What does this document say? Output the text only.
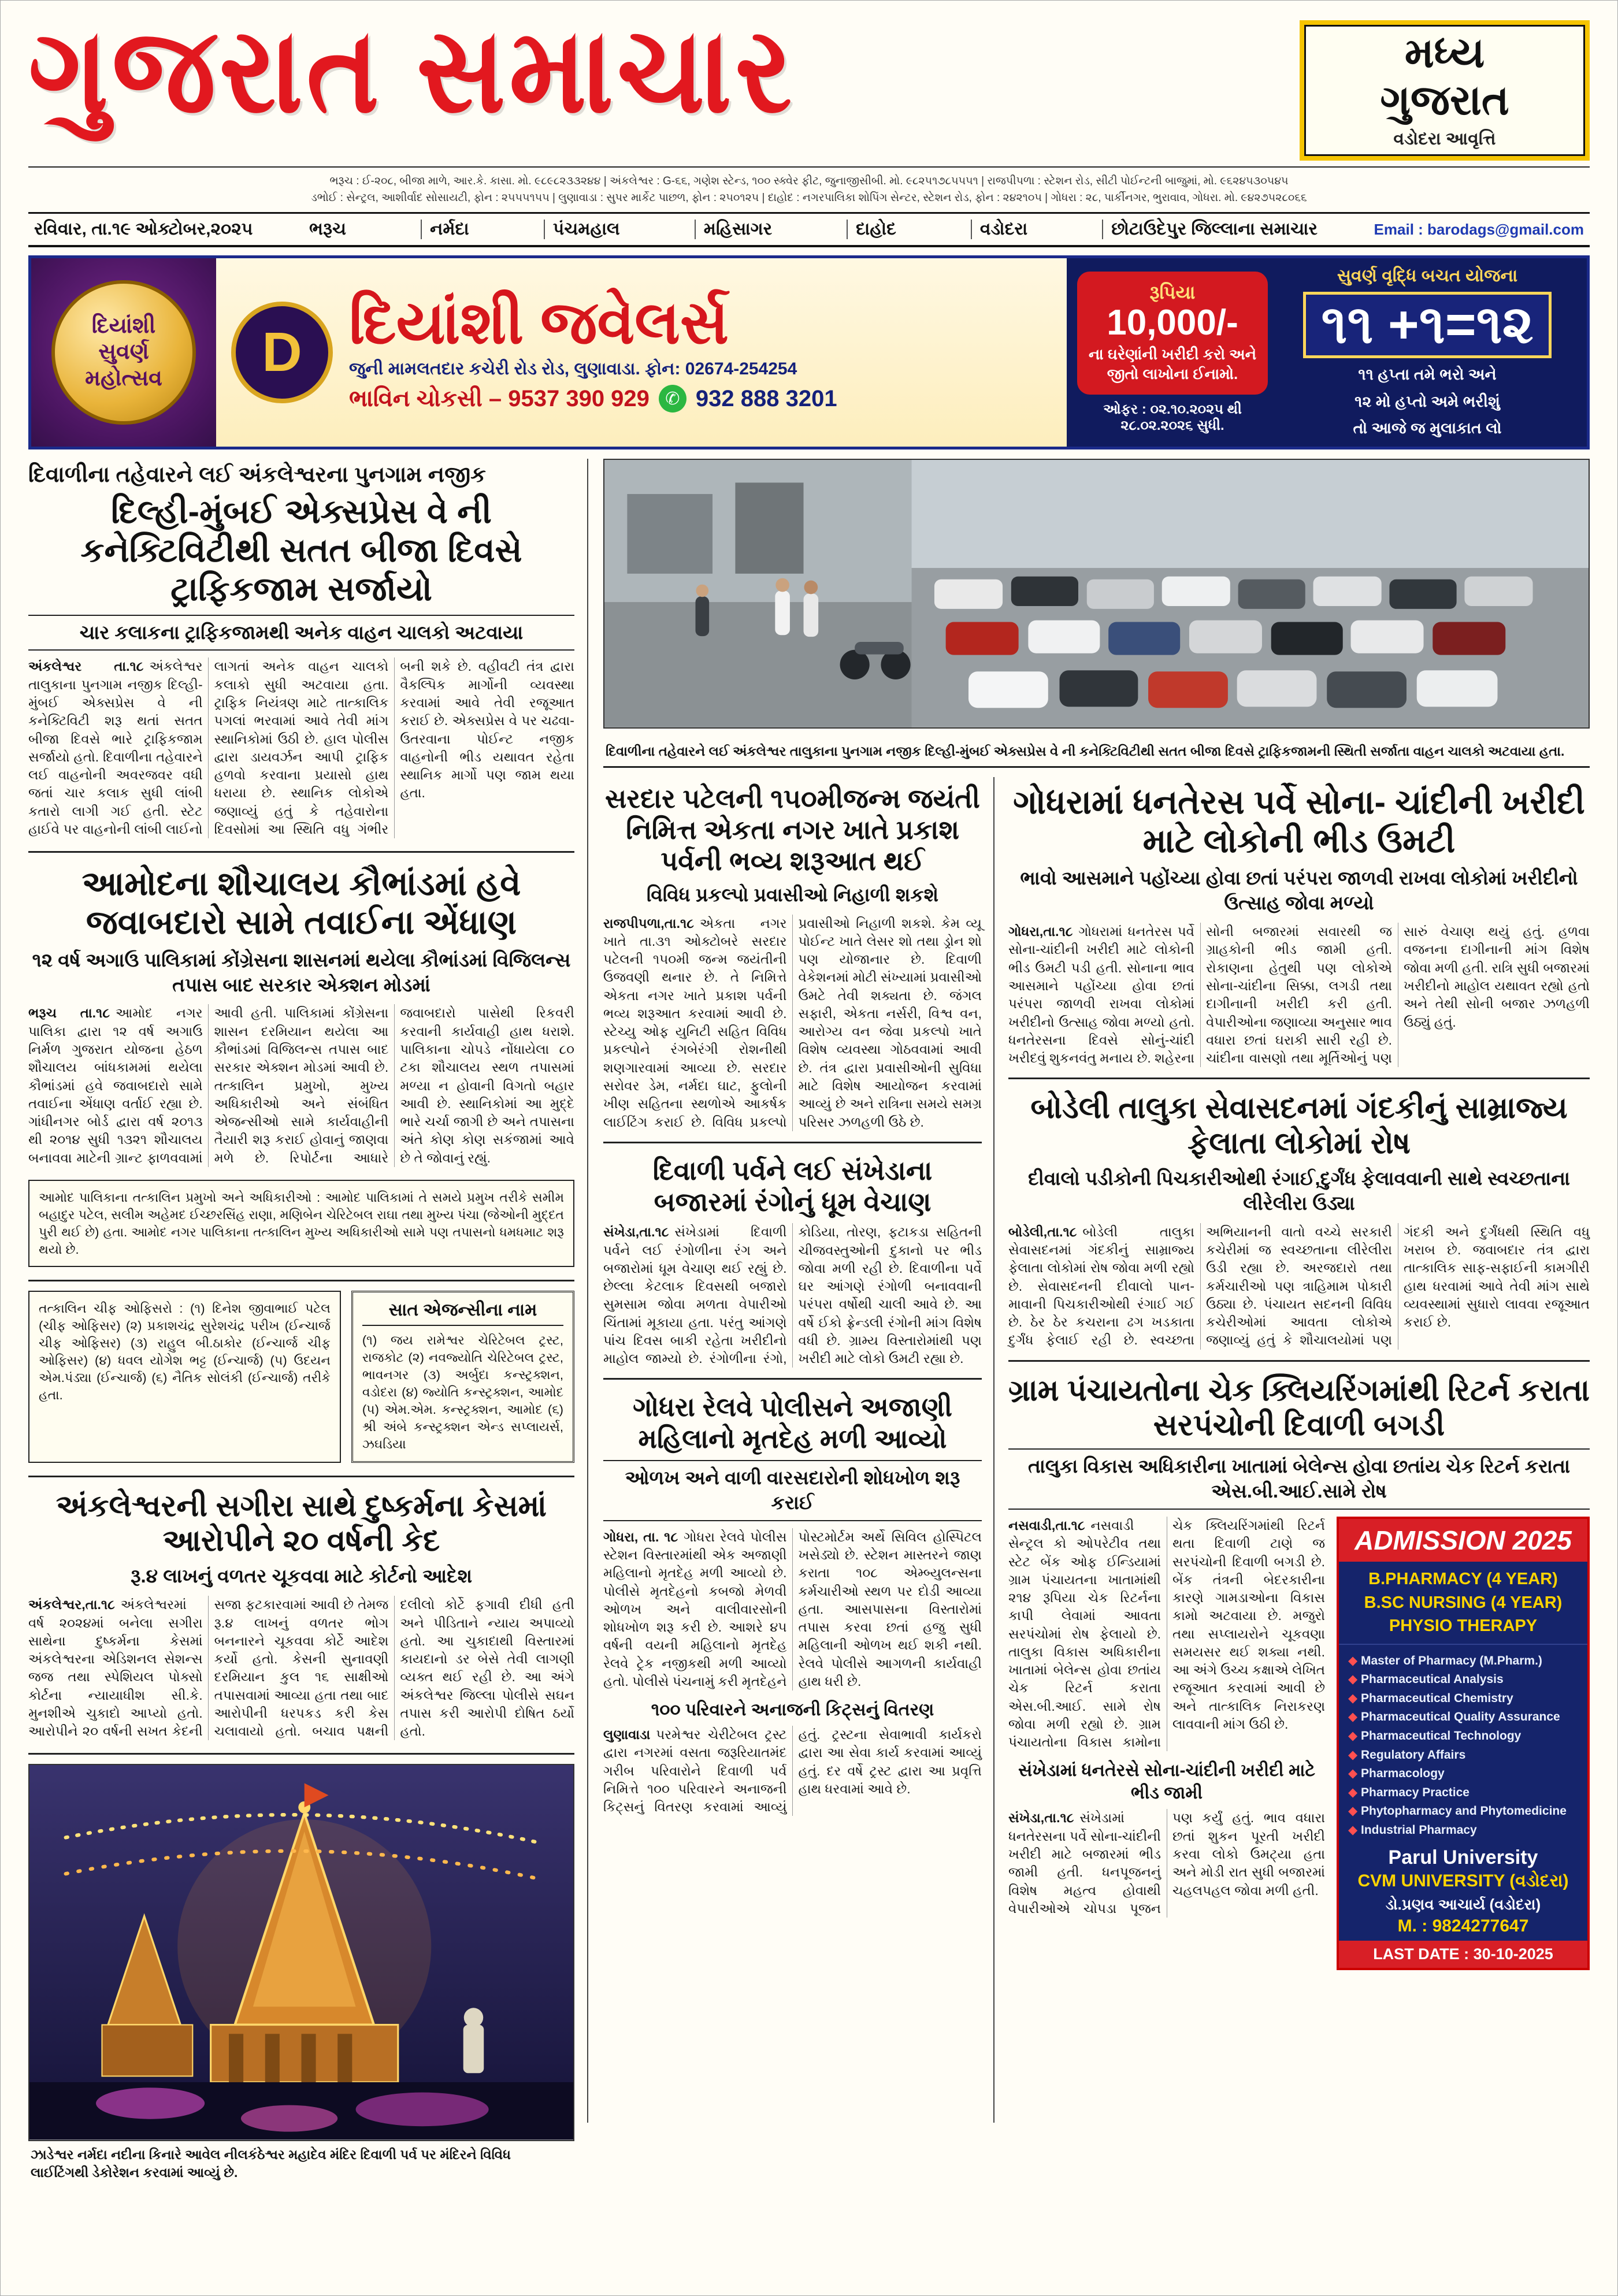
ગુજરાત સમાચાર	મધ્ય
ગુજરાત
વડોદરા આવૃત્તિ
ભરૂચ : ઈ-૨૦૮, બીજા માળે, આર.કે. કાસા. મો. ૯૮૯૮૨૩૩૨૪૪ | અંકલેશ્વર : G-૬૬, ગણેશ સ્ટેન્ડ, ૧૦૦ સ્ક્વેર ફીટ, જુનાજીસીબી. મો. ૯૮૨૫૧૭૮૫૫૫૧ | રાજપીપળા : સ્ટેશન રોડ, સીટી પોઈન્ટની બાજુમાં, મો. ૯૬૨૪૫૩૦૫૪૫
ડભોઈ : સેન્ટ્રલ, આશીર્વાદ સોસાયટી, ફોન : ૨૫૫૫૧૫૫ | લુણાવાડા : સુપર માર્કેટ પાછળ, ફોન : ૨૫૦૧૨૫ | દાહોદ : નગરપાલિકા શોપિંગ સેન્ટર, સ્ટેશન રોડ, ફોન : ૨૪૨૧૦૫ | ગોધરા : ૨૮, પાર્કીનગર, ભુરાવાવ, ગોધરા. મો. ૯૪૨૭૫૨૮૦૬૬
રવિવાર, તા.૧૯ ઓક્ટોબર,૨૦૨૫	ભરૂચ	નર્મદા	પંચમહાલ	મહિસાગર	દાહોદ	વડોદરા	છોટાઉદેપુર જિલ્લાના સમાચાર	Email : barodags@gmail.com
દિયાંશી સુવર્ણ મહોત્સવ	D દિયાંશી જવેલર્સ
જુની મામલતદાર કચેરી રોડ રોડ, લુણાવાડા. ફોન: 02674-254254
ભાવિન ચોકસી – 9537 390 929 ✆ 932 888 3201
રૂપિયા
10,000/-
ના ઘરેણાંની ખરીદી કરો અને જીતો લાખોના ઈનામો.
ઓફર : ૦૨.૧૦.૨૦૨૫ થી ૨૮.૦૨.૨૦૨૬ સુધી.
સુવર્ણ વૃદ્ધિ બચત યોજના
૧૧ +૧=૧૨
૧૧ હપ્તા તમે ભરો અને
૧૨ મો હપ્તો અમે ભરીશું
તો આજે જ મુલાકાત લો
દિવાળીના તહેવારને લઈ અંકલેશ્વરના પુનગામ નજીક
દિલ્હી-મુંબઈ એક્સપ્રેસ વે ની કનેક્ટિવિટીથી સતત બીજા દિવસે ટ્રાફિકજામ સર્જાયો
ચાર કલાકના ટ્રાફિકજામથી અનેક વાહન ચાલકો અટવાયા

અંકલેશ્વર તા.૧૮ અંકલેશ્વર તાલુકાના પુનગામ નજીક દિલ્હી-મુંબઈ એક્સપ્રેસ વે ની કનેક્ટિવિટી શરૂ થતાં સતત બીજા દિવસે ભારે ટ્રાફિકજામ સર્જાયો હતો. દિવાળીના તહેવારને લઈ વાહનોની અવરજવર વધી જતાં ચાર કલાક સુધી લાંબી કતારો લાગી ગઈ હતી. સ્ટેટ હાઈવે પર વાહનોની લાંબી લાઈનો લાગતાં અનેક વાહન ચાલકો કલાકો સુધી અટવાયા હતા. ટ્રાફિક નિયંત્રણ માટે તાત્કાલિક પગલાં ભરવામાં આવે તેવી માંગ સ્થાનિકોમાં ઉઠી છે. હાલ પોલીસ દ્વારા ડાયવર્ઝન આપી ટ્રાફિક હળવો કરવાના પ્રયાસો હાથ ધરાયા છે. સ્થાનિક લોકોએ જણાવ્યું હતું કે તહેવારોના દિવસોમાં આ સ્થિતિ વધુ ગંભીર બની શકે છે. વહીવટી તંત્ર દ્વારા વૈકલ્પિક માર્ગોની વ્યવસ્થા કરવામાં આવે તેવી રજૂઆત કરાઈ છે. એક્સપ્રેસ વે પર ચઢવા-ઉતરવાના પોઈન્ટ નજીક વાહનોની ભીડ યથાવત રહેતા સ્થાનિક માર્ગો પણ જામ થયા હતા.

આમોદના શૌચાલય કૌભાંડમાં હવે જવાબદારો સામે તવાઈના એંધાણ
૧૨ વર્ષ અગાઉ પાલિકામાં કોંગ્રેસના શાસનમાં થયેલા કૌભાંડમાં વિજિલન્સ તપાસ બાદ સરકાર એક્શન મોડમાં

ભરૂચ તા.૧૮ આમોદ નગર પાલિકા દ્વારા ૧૨ વર્ષ અગાઉ નિર્મળ ગુજરાત યોજના હેઠળ શૌચાલય બાંધકામમાં થયેલા કૌભાંડમાં હવે જવાબદારો સામે તવાઈના એંધાણ વર્તાઈ રહ્યા છે. ગાંધીનગર બોર્ડ દ્વારા વર્ષ ૨૦૧૩ થી ૨૦૧૪ સુધી ૧૩૨૧ શૌચાલય બનાવવા માટેની ગ્રાન્ટ ફાળવવામાં આવી હતી. પાલિકામાં કોંગ્રેસના શાસન દરમિયાન થયેલા આ કૌભાંડમાં વિજિલન્સ તપાસ બાદ સરકાર એક્શન મોડમાં આવી છે. તત્કાલિન પ્રમુખો, મુખ્ય અધિકારીઓ અને સંબંધિત એજન્સીઓ સામે કાર્યવાહીની તૈયારી શરૂ કરાઈ હોવાનું જાણવા મળે છે. રિપોર્ટના આધારે જવાબદારો પાસેથી રિકવરી કરવાની કાર્યવાહી હાથ ધરાશે. પાલિકાના ચોપડે નોંધાયેલા ૮૦ ટકા શૌચાલય સ્થળ તપાસમાં મળ્યા ન હોવાની વિગતો બહાર આવી છે. સ્થાનિકોમાં આ મુદ્દે ભારે ચર્ચા જાગી છે અને તપાસના અંતે કોણ કોણ સકંજામાં આવે છે તે જોવાનું રહ્યું.

આમોદ પાલિકાના તત્કાલિન પ્રમુખો અને અધિકારીઓ : આમોદ પાલિકામાં તે સમયે પ્રમુખ તરીકે સમીમ બહાદુર પટેલ, સલીમ અહેમદ ઈચ્છરસિંહ રાણા, મણિબેન ચેરિટેબલ રાઘા તથા મુખ્ય પંચા (જેઓની મુદ્દત પુરી થઈ છે) હતા. આમોદ નગર પાલિકાના તત્કાલિન મુખ્ય અધિકારીઓ સામે પણ તપાસનો ધમધમાટ શરૂ થયો છે.

તત્કાલિન ચીફ ઓફિસરો : (૧) દિનેશ જીવાભાઈ પટેલ (ચીફ ઓફિસર) (૨) પ્રકાશચંદ્ર સુરેશચંદ્ર પરીખ (ઈન્ચાર્જ ચીફ ઓફિસર) (૩) રાહુલ બી.ઠાકોર (ઈન્ચાર્જ ચીફ ઓફિસર) (૪) ધવલ યોગેશ ભટ્ટ (ઈન્ચાર્જ) (૫) ઉદયન એમ.પંડ્યા (ઈન્ચાર્જ) (૬) નૈતિક સોલંકી (ઈન્ચાર્જ) તરીકે હતા.

સાત એજન્સીના નામ

(૧) જય રામેશ્વર ચેરિટેબલ ટ્રસ્ટ, રાજકોટ (૨) નવજ્યોતિ ચેરિટેબલ ટ્રસ્ટ, ભાવનગર (૩) અર્બુદા કન્સ્ટ્રક્શન, વડોદરા (૪) જ્યોતિ કન્સ્ટ્રક્શન, આમોદ (૫) એમ.એમ. કન્સ્ટ્રક્શન, આમોદ (૬) શ્રી અંબે કન્સ્ટ્રક્શન એન્ડ સપ્લાયર્સ, ઝઘડિયા

અંકલેશ્વરની સગીરા સાથે દુષ્કર્મના કેસમાં આરોપીને ૨૦ વર્ષની કેદ
રૂ.૪ લાખનું વળતર ચૂકવવા માટે કોર્ટનો આદેશ

અંકલેશ્વર,તા.૧૮ અંકલેશ્વરમાં વર્ષ ૨૦૨૪માં બનેલા સગીરા સાથેના દુષ્કર્મના કેસમાં અંકલેશ્વરના એડિશનલ સેશન્સ જજ તથા સ્પેશિયલ પોક્સો કોર્ટના ન્યાયાધીશ સી.કે. મુનશીએ ચુકાદો આપ્યો હતો. આરોપીને ૨૦ વર્ષની સખત કેદની સજા ફટકારવામાં આવી છે તેમજ રૂ.૪ લાખનું વળતર ભોગ બનનારને ચૂકવવા કોર્ટે આદેશ કર્યો હતો. કેસની સુનાવણી દરમિયાન કુલ ૧૬ સાક્ષીઓ તપાસવામાં આવ્યા હતા તથા બાદ આરોપીની ધરપકડ કરી કેસ ચલાવાયો હતો. બચાવ પક્ષની દલીલો કોર્ટે ફગાવી દીધી હતી અને પીડિતાને ન્યાય અપાવ્યો હતો. આ ચુકાદાથી વિસ્તારમાં કાયદાનો ડર બેસે તેવી લાગણી વ્યક્ત થઈ રહી છે. આ અંગે અંકલેશ્વર જિલ્લા પોલીસે સઘન તપાસ કરી આરોપી દોષિત ઠર્યો હતો.

ઝાડેશ્વર નર્મદા નદીના કિનારે આવેલ નીલકંઠેશ્વર મહાદેવ મંદિર દિવાળી પર્વ પર મંદિરને વિવિધ લાઈટિંગથી ડેકોરેશન કરવામાં આવ્યું છે.
દિવાળીના તહેવારને લઈ અંકલેશ્વર તાલુકાના પુનગામ નજીક દિલ્હી-મુંબઈ એક્સપ્રેસ વે ની કનેક્ટિવિટીથી સતત બીજા દિવસે ટ્રાફિકજામની સ્થિતી સર્જાતા વાહન ચાલકો અટવાયા હતા.
સરદાર પટેલની ૧૫૦મીજન્મ જયંતી નિમિત્ત એકતા નગર ખાતે પ્રકાશ પર્વની ભવ્ય શરૂઆત થઈ
વિવિધ પ્રકલ્પો પ્રવાસીઓ નિહાળી શકશે

રાજપીપળા,તા.૧૮ એકતા નગર ખાતે તા.૩૧ ઓક્ટોબરે સરદાર પટેલની ૧૫૦મી જન્મ જયંતીની ઉજવણી થનાર છે. તે નિમિત્તે એકતા નગર ખાતે પ્રકાશ પર્વની ભવ્ય શરૂઆત કરવામાં આવી છે. સ્ટેચ્યુ ઓફ યુનિટી સહિત વિવિધ પ્રકલ્પોને રંગબેરંગી રોશનીથી શણગારવામાં આવ્યા છે. સરદાર સરોવર ડેમ, નર્મદા ઘાટ, ફુલોની ખીણ સહિતના સ્થળોએ આકર્ષક લાઈટિંગ કરાઈ છે. વિવિધ પ્રકલ્પો પ્રવાસીઓ નિહાળી શકશે. કેમ વ્યૂ પોઈન્ટ ખાતે લેસર શો તથા ડ્રોન શો પણ યોજાનાર છે. દિવાળી વેકેશનમાં મોટી સંખ્યામાં પ્રવાસીઓ ઉમટે તેવી શક્યતા છે. જંગલ સફારી, એકતા નર્સરી, વિશ્વ વન, આરોગ્ય વન જેવા પ્રકલ્પો ખાતે વિશેષ વ્યવસ્થા ગોઠવવામાં આવી છે. તંત્ર દ્વારા પ્રવાસીઓની સુવિધા માટે વિશેષ આયોજન કરવામાં આવ્યું છે અને રાત્રિના સમયે સમગ્ર પરિસર ઝળહળી ઉઠે છે.

દિવાળી પર્વને લઈ સંખેડાના બજારમાં રંગોનું ધૂમ વેચાણ

સંખેડા,તા.૧૮ સંખેડામાં દિવાળી પર્વને લઈ રંગોળીના રંગ અને બજારોમાં ધૂમ વેચાણ થઈ રહ્યું છે. છેલ્લા કેટલાક દિવસથી બજારો સુમસામ જોવા મળતા વેપારીઓ ચિંતામાં મૂકાયા હતા. પરંતુ આંગણે પાંચ દિવસ બાકી રહેતા ખરીદીનો માહોલ જામ્યો છે. રંગોળીના રંગો, કોડિયા, તોરણ, ફટાકડા સહિતની ચીજવસ્તુઓની દુકાનો પર ભીડ જોવા મળી રહી છે. દિવાળીના પર્વે ઘર આંગણે રંગોળી બનાવવાની પરંપરા વર્ષોથી ચાલી આવે છે. આ વર્ષે ઈકો ફ્રેન્ડલી રંગોની માંગ વિશેષ વધી છે. ગ્રામ્ય વિસ્તારોમાંથી પણ ખરીદી માટે લોકો ઉમટી રહ્યા છે.

ગોધરા રેલવે પોલીસને અજાણી મહિલાનો મૃતદેહ મળી આવ્યો
ઓળખ અને વાળી વારસદારોની શોધખોળ શરૂ કરાઈ

ગોધરા, તા. ૧૮ ગોધરા રેલવે પોલીસ સ્ટેશન વિસ્તારમાંથી એક અજાણી મહિલાનો મૃતદેહ મળી આવ્યો છે. પોલીસે મૃતદેહનો કબજો મેળવી ઓળખ અને વાલીવારસોની શોધખોળ શરૂ કરી છે. આશરે ૪૫ વર્ષની વયની મહિલાનો મૃતદેહ રેલવે ટ્રેક નજીકથી મળી આવ્યો હતો. પોલીસે પંચનામું કરી મૃતદેહને પોસ્ટમોર્ટમ અર્થે સિવિલ હોસ્પિટલ ખસેડ્યો છે. સ્ટેશન માસ્તરને જાણ કરાતા ૧૦૮ એમ્બ્યુલન્સના કર્મચારીઓ સ્થળ પર દોડી આવ્યા હતા. આસપાસના વિસ્તારોમાં તપાસ કરવા છતાં હજુ સુધી મહિલાની ઓળખ થઈ શકી નથી. રેલવે પોલીસે આગળની કાર્યવાહી હાથ ધરી છે.

૧૦૦ પરિવારને અનાજની કિટ્સનું વિતરણ

લુણાવાડા પરમેશ્વર ચેરીટેબલ ટ્રસ્ટ દ્વારા નગરમાં વસતા જરૂરિયાતમંદ ગરીબ પરિવારોને દિવાળી પર્વ નિમિત્તે ૧૦૦ પરિવારને અનાજની કિટ્સનું વિતરણ કરવામાં આવ્યું હતું. ટ્રસ્ટના સેવાભાવી કાર્યકરો દ્વારા આ સેવા કાર્ય કરવામાં આવ્યું હતું. દર વર્ષે ટ્રસ્ટ દ્વારા આ પ્રવૃત્તિ હાથ ધરવામાં આવે છે.

ગોધરામાં ધનતેરસ પર્વે સોના- ચાંદીની ખરીદી માટે લોકોની ભીડ ઉમટી
ભાવો આસમાને પહોંચ્યા હોવા છતાં પરંપરા જાળવી રાખવા લોકોમાં ખરીદીનો ઉત્સાહ જોવા મળ્યો

ગોધરા,તા.૧૮ ગોધરામાં ધનતેરસ પર્વે સોના-ચાંદીની ખરીદી માટે લોકોની ભીડ ઉમટી પડી હતી. સોનાના ભાવ આસમાને પહોંચ્યા હોવા છતાં પરંપરા જાળવી રાખવા લોકોમાં ખરીદીનો ઉત્સાહ જોવા મળ્યો હતો. ધનતેરસના દિવસે સોનું-ચાંદી ખરીદવું શુકનવંતુ મનાય છે. શહેરના સોની બજારમાં સવારથી જ ગ્રાહકોની ભીડ જામી હતી. રોકાણના હેતુથી પણ લોકોએ સોના-ચાંદીના સિક્કા, લગડી તથા દાગીનાની ખરીદી કરી હતી. વેપારીઓના જણાવ્યા અનુસાર ભાવ વધારા છતાં ઘરાકી સારી રહી છે. ચાંદીના વાસણો તથા મૂર્તિઓનું પણ સારું વેચાણ થયું હતું. હળવા વજનના દાગીનાની માંગ વિશેષ જોવા મળી હતી. રાત્રિ સુધી બજારમાં ખરીદીનો માહોલ યથાવત રહ્યો હતો અને તેથી સોની બજાર ઝળહળી ઉઠ્યું હતું.

બોડેલી તાલુકા સેવાસદનમાં ગંદકીનું સામ્રાજ્ય ફેલાતા લોકોમાં રોષ
દીવાલો પડીકોની પિચકારીઓથી રંગાઈ,દુર્ગંધ ફેલાવવાની સાથે સ્વચ્છતાના લીરેલીરા ઉડ્યા

બોડેલી,તા.૧૮ બોડેલી તાલુકા સેવાસદનમાં ગંદકીનું સામ્રાજ્ય ફેલાતા લોકોમાં રોષ જોવા મળી રહ્યો છે. સેવાસદનની દીવાલો પાન-માવાની પિચકારીઓથી રંગાઈ ગઈ છે. ઠેર ઠેર કચરાના ઢગ ખડકાતા દુર્ગંધ ફેલાઈ રહી છે. સ્વચ્છતા અભિયાનની વાતો વચ્ચે સરકારી કચેરીમાં જ સ્વચ્છતાના લીરેલીરા ઉડી રહ્યા છે. અરજદારો તથા કર્મચારીઓ પણ ત્રાહિમામ પોકારી ઉઠ્યા છે. પંચાયત સદનની વિવિધ કચેરીઓમાં આવતા લોકોએ જણાવ્યું હતું કે શૌચાલયોમાં પણ ગંદકી અને દુર્ગંધથી સ્થિતિ વધુ ખરાબ છે. જવાબદાર તંત્ર દ્વારા તાત્કાલિક સાફ-સફાઈની કામગીરી હાથ ધરવામાં આવે તેવી માંગ સાથે વ્યવસ્થામાં સુધારો લાવવા રજૂઆત કરાઈ છે.

ગ્રામ પંચાયતોના ચેક ક્લિયરિંગમાંથી રિટર્ન કરાતા સરપંચોની દિવાળી બગડી
તાલુકા વિકાસ અધિકારીના ખાતામાં બેલેન્સ હોવા છતાંય ચેક રિટર્ન કરાતા એસ.બી.આઈ.સામે રોષ

નસવાડી,તા.૧૮ નસવાડી સેન્ટ્રલ કો ઓપરેટીવ તથા સ્ટેટ બેંક ઓફ ઈન્ડિયામાં ગ્રામ પંચાયતના ખાતામાંથી ૨૧૪ રૂપિયા ચેક રિટર્નના કાપી લેવામાં આવતા સરપંચોમાં રોષ ફેલાયો છે. તાલુકા વિકાસ અધિકારીના ખાતામાં બેલેન્સ હોવા છતાંય ચેક રિટર્ન કરાતા એસ.બી.આઈ. સામે રોષ જોવા મળી રહ્યો છે. ગ્રામ પંચાયતોના વિકાસ કામોના ચેક ક્લિયરિંગમાંથી રિટર્ન થતા દિવાળી ટાણે જ સરપંચોની દિવાળી બગડી છે. બેંક તંત્રની બેદરકારીના કારણે ગામડાઓના વિકાસ કામો અટવાયા છે. મજુરો તથા સપ્લાયરોને ચૂકવણા સમયસર થઈ શક્યા નથી. આ અંગે ઉચ્ચ કક્ષાએ લેખિત રજૂઆત કરવામાં આવી છે અને તાત્કાલિક નિરાકરણ લાવવાની માંગ ઉઠી છે.

સંખેડામાં ધનતેરસે સોના-ચાંદીની ખરીદી માટે ભીડ જામી

સંખેડા,તા.૧૮ સંખેડામાં ધનતેરસના પર્વે સોના-ચાંદીની ખરીદી માટે બજારમાં ભીડ જામી હતી. ધનપૂજનનું વિશેષ મહત્વ હોવાથી વેપારીઓએ ચોપડા પૂજન પણ કર્યું હતું. ભાવ વધારા છતાં શુકન પૂરતી ખરીદી કરવા લોકો ઉમટ્યા હતા અને મોડી રાત સુધી બજારમાં ચહલપહલ જોવા મળી હતી.

ADMISSION 2025
B.PHARMACY (4 YEAR)
B.SC NURSING (4 YEAR)
PHYSIO THERAPY
◆ Master of Pharmacy (M.Pharm.)
◆ Pharmaceutical Analysis
◆ Pharmaceutical Chemistry
◆ Pharmaceutical Quality Assurance
◆ Pharmaceutical Technology
◆ Regulatory Affairs
◆ Pharmacology
◆ Pharmacy Practice
◆ Phytopharmacy and Phytomedicine
◆ Industrial Pharmacy
Parul University
CVM UNIVERSITY (વડોદરા)
ડો.પ્રણવ આચાર્ય (વડોદરા)
M. : 9824277647
LAST DATE : 30-10-2025
